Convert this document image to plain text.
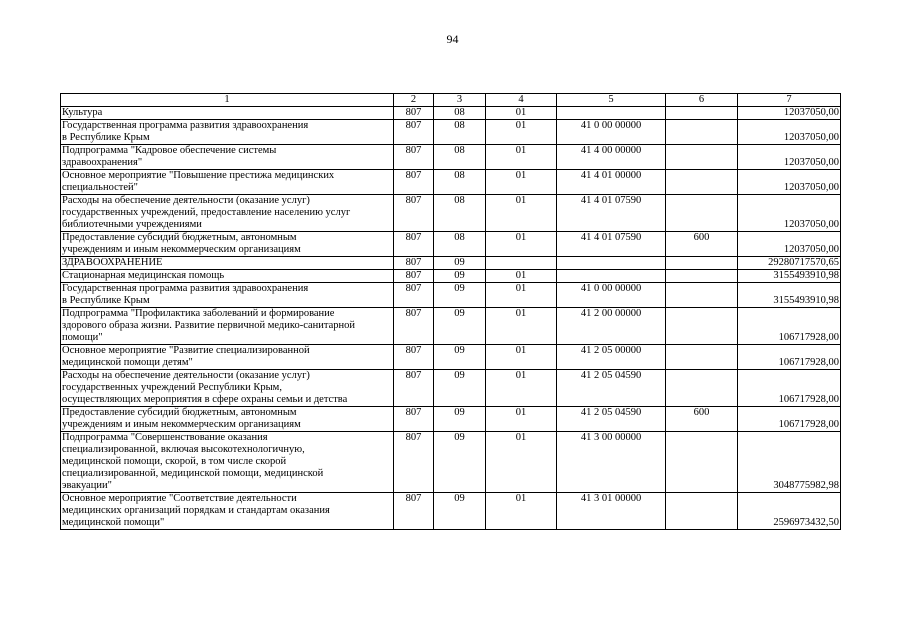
94
1	2	3	4	5	6	7
Культура	807	08	01			12037050,00
Государственная программа развития здравоохранения
в Республике Крым	807	08	01	41 0 00 00000		12037050,00
Подпрограмма "Кадровое обеспечение системы
здравоохранения"	807	08	01	41 4 00 00000		12037050,00
Основное мероприятие "Повышение престижа медицинских
специальностей"	807	08	01	41 4 01 00000		12037050,00
Расходы на обеспечение деятельности (оказание услуг)
государственных учреждений, предоставление населению услуг
библиотечными учреждениями	807	08	01	41 4 01 07590		12037050,00
Предоставление субсидий бюджетным, автономным
учреждениям и иным некоммерческим организациям	807	08	01	41 4 01 07590	600	12037050,00
ЗДРАВООХРАНЕНИЕ	807	09				29280717570,65
Стационарная медицинская помощь	807	09	01			3155493910,98
Государственная программа развития здравоохранения
в Республике Крым	807	09	01	41 0 00 00000		3155493910,98
Подпрограмма "Профилактика заболеваний и формирование
здорового образа жизни. Развитие первичной медико-санитарной
помощи"	807	09	01	41 2 00 00000		106717928,00
Основное мероприятие "Развитие специализированной
медицинской помощи детям"	807	09	01	41 2 05 00000		106717928,00
Расходы на обеспечение деятельности (оказание услуг)
государственных учреждений Республики Крым,
осуществляющих мероприятия в сфере охраны семьи и детства	807	09	01	41 2 05 04590		106717928,00
Предоставление субсидий бюджетным, автономным
учреждениям и иным некоммерческим организациям	807	09	01	41 2 05 04590	600	106717928,00
Подпрограмма "Совершенствование оказания
специализированной, включая высокотехнологичную,
медицинской помощи, скорой, в том числе скорой
специализированной, медицинской помощи, медицинской
эвакуации"	807	09	01	41 3 00 00000		3048775982,98
Основное мероприятие "Соответствие деятельности
медицинских организаций порядкам и стандартам оказания
медицинской помощи"	807	09	01	41 3 01 00000		2596973432,50
